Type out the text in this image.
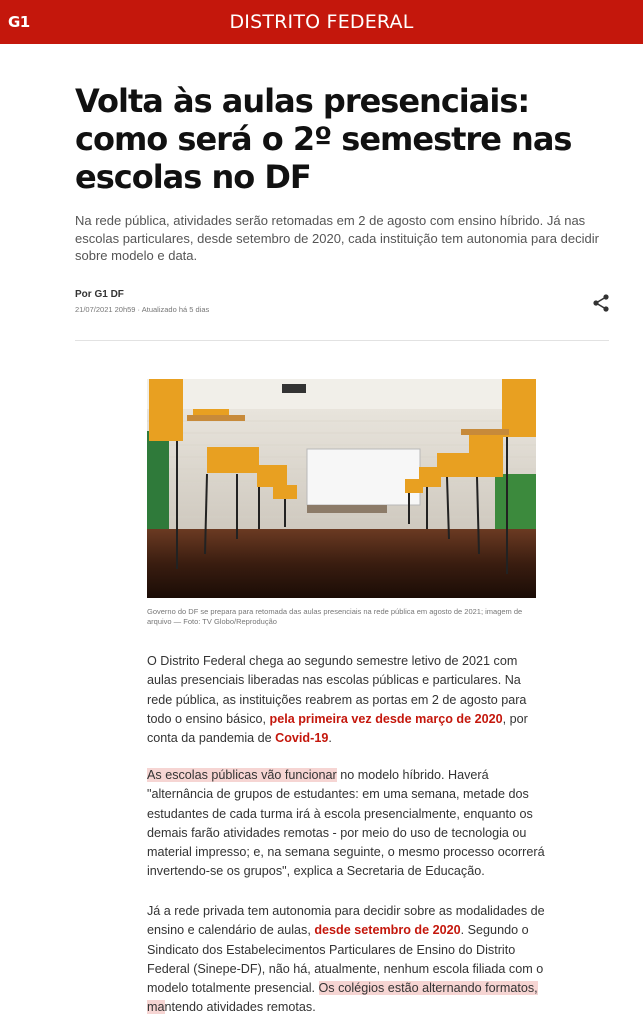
G1	DISTRITO FEDERAL
Volta às aulas presenciais: como será o 2º semestre nas escolas no DF

Na rede pública, atividades serão retomadas em 2 de agosto com ensino híbrido. Já nas escolas particulares, desde setembro de 2020, cada instituição tem autonomia para decidir sobre modelo e data.

Por G1 DF
21/07/2021 20h59 · Atualizado há 5 dias

Governo do DF se prepara para retomada das aulas presenciais na rede pública em agosto de 2021; imagem de arquivo — Foto: TV Globo/Reprodução

O Distrito Federal chega ao segundo semestre letivo de 2021 com aulas presenciais liberadas nas escolas públicas e particulares. Na rede pública, as instituições reabrem as portas em 2 de agosto para todo o ensino básico, pela primeira vez desde março de 2020, por conta da pandemia de Covid-19.

As escolas públicas vão funcionar no modelo híbrido. Haverá "alternância de grupos de estudantes: em uma semana, metade dos estudantes de cada turma irá à escola presencialmente, enquanto os demais farão atividades remotas - por meio do uso de tecnologia ou material impresso; e, na semana seguinte, o mesmo processo ocorrerá invertendo-se os grupos", explica a Secretaria de Educação.

Já a rede privada tem autonomia para decidir sobre as modalidades de ensino e calendário de aulas, desde setembro de 2020. Segundo o Sindicato dos Estabelecimentos Particulares de Ensino do Distrito Federal (Sinepe-DF), não há, atualmente, nenhum escola filiada com o modelo totalmente presencial. Os colégios estão alternando formatos, mantendo atividades remotas.
